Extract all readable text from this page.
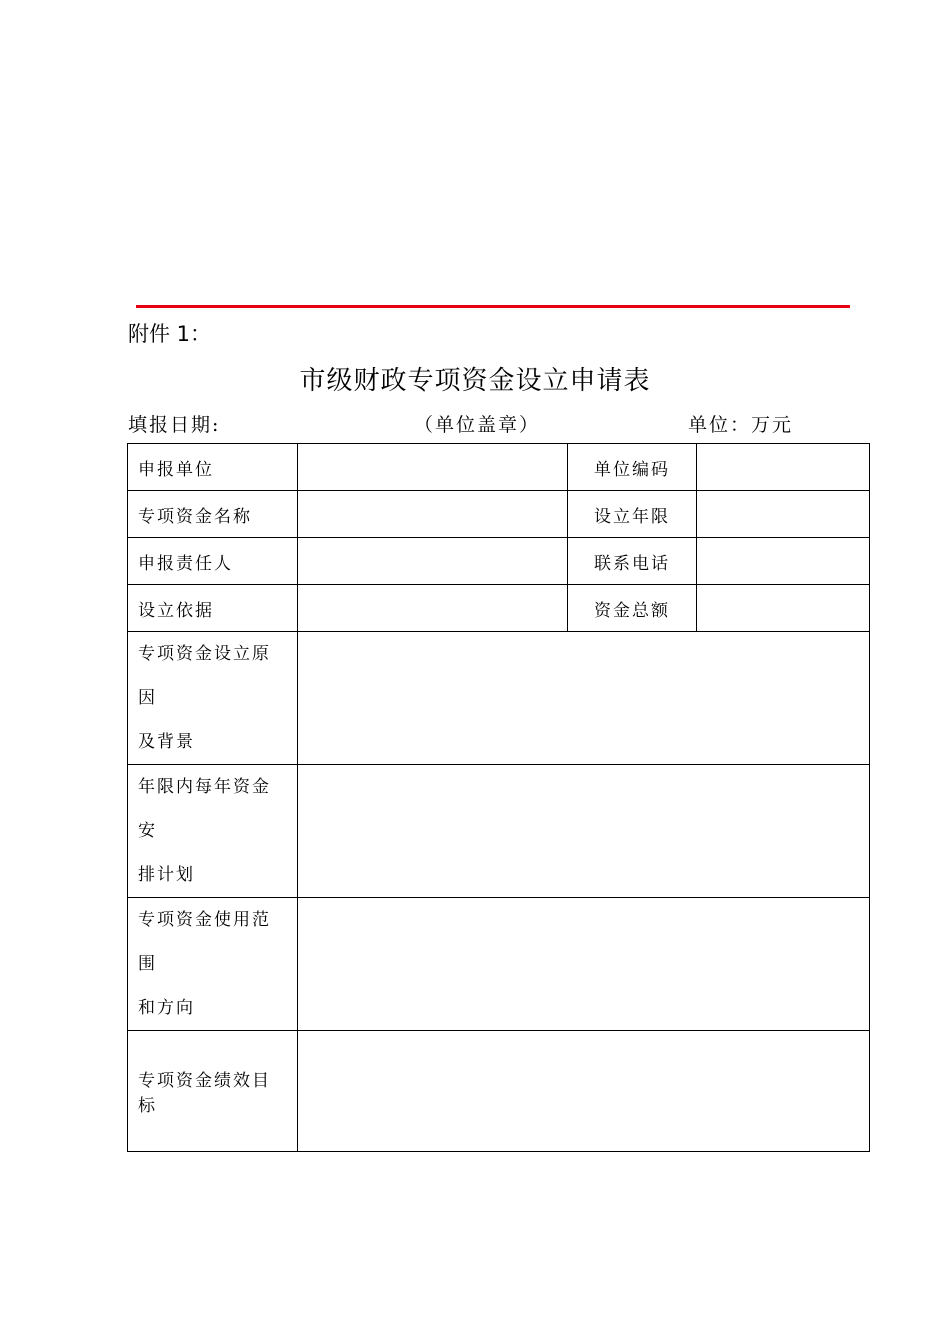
附件 1：
市级财政专项资金设立申请表
填报日期:	（单位盖章）	单位：万元
申报单位		单位编码	
专项资金名称		设立年限	
申报责任人		联系电话	
设立依据		资金总额	

专项资金设立原因
及背景			

年限内每年资金安
排计划			

专项资金使用范围
和方向			

专项资金绩效目标			
